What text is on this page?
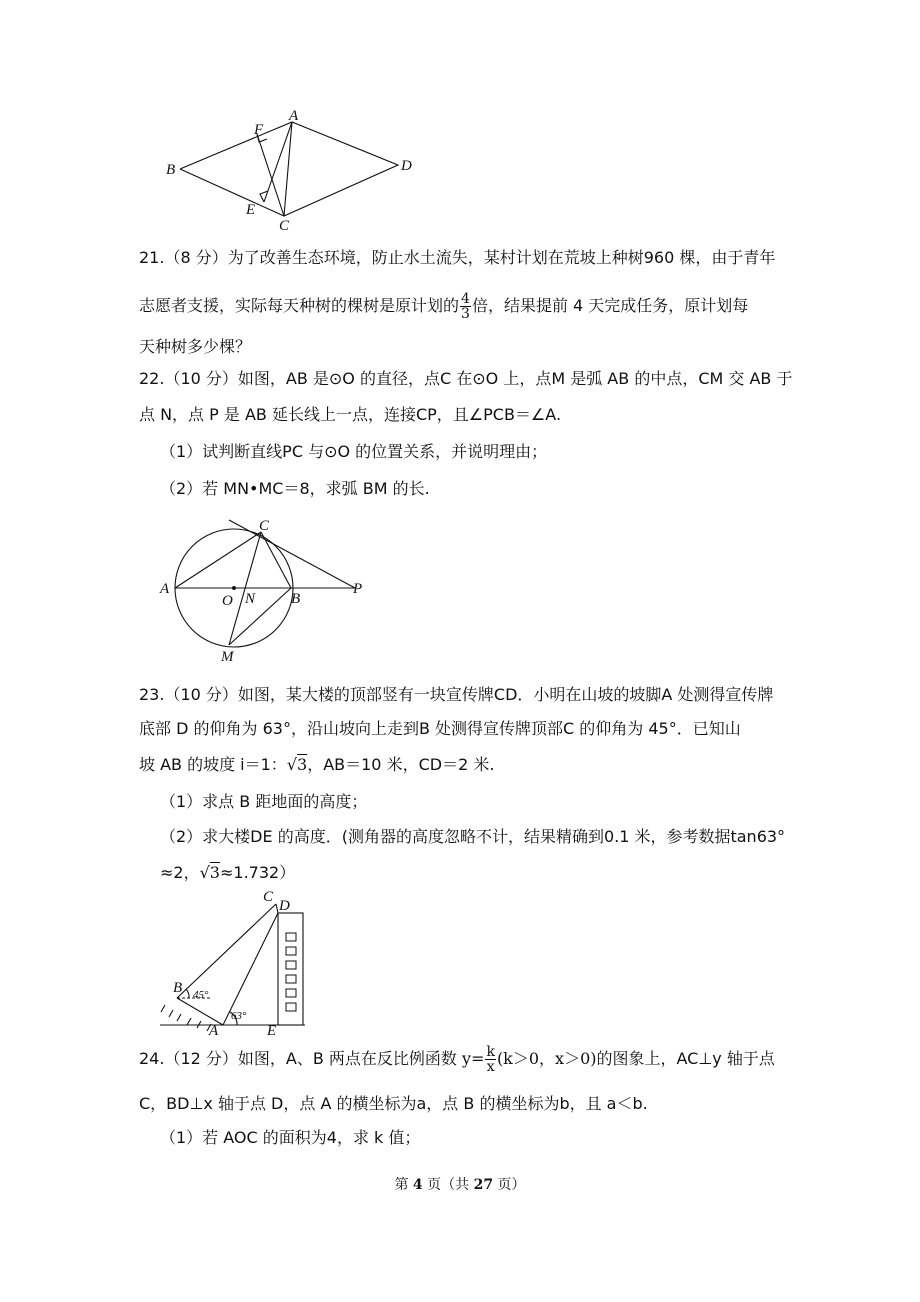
A
B
C
D
E
F
21.（8 分）为了改善生态环境，防止水土流失，某村计划在荒坡上种树960 棵，由于青年
志愿者支援，实际每天种树的棵树是原计划的 $\frac{4}{3}$ 倍，结果提前 4 天完成任务，原计划每
天种树多少棵？
22.（10 分）如图，AB 是⊙O 的直径，点C 在⊙O 上，点M 是弧 AB 的中点，CM 交 AB 于
点 N，点 P 是 AB 延长线上一点，连接CP，且∠PCB＝∠A.
（1）试判断直线PC 与⊙O 的位置关系，并说明理由；
（2）若 MN•MC＝8，求弧 BM 的长.
C
A
O N B
P
M
23.（10 分）如图，某大楼的顶部竖有一块宣传牌CD．小明在山坡的坡脚A 处测得宣传牌
底部 D 的仰角为 63°，沿山坡向上走到B 处测得宣传牌顶部C 的仰角为 45°．已知山
坡 AB 的坡度 i＝1：√3，AB＝10 米，CD＝2 米.
（1）求点 B 距地面的高度；
（2）求大楼DE 的高度．(测角器的高度忽略不计，结果精确到0.1 米，参考数据tan63°
≈2，√3≈1.732）
C
D
B
A	E
45°
63°
24.（12 分）如图，A、B 两点在反比例函数 $y= \frac{k}{x} (k>0$，x＞0)的图象上，AC⊥y 轴于点
C，BD⊥x 轴于点 D，点 A 的横坐标为a，点 B 的横坐标为b，且 a＜b.
（1）若 AOC 的面积为4，求 k 值；
第 4 页（共 27 页）
